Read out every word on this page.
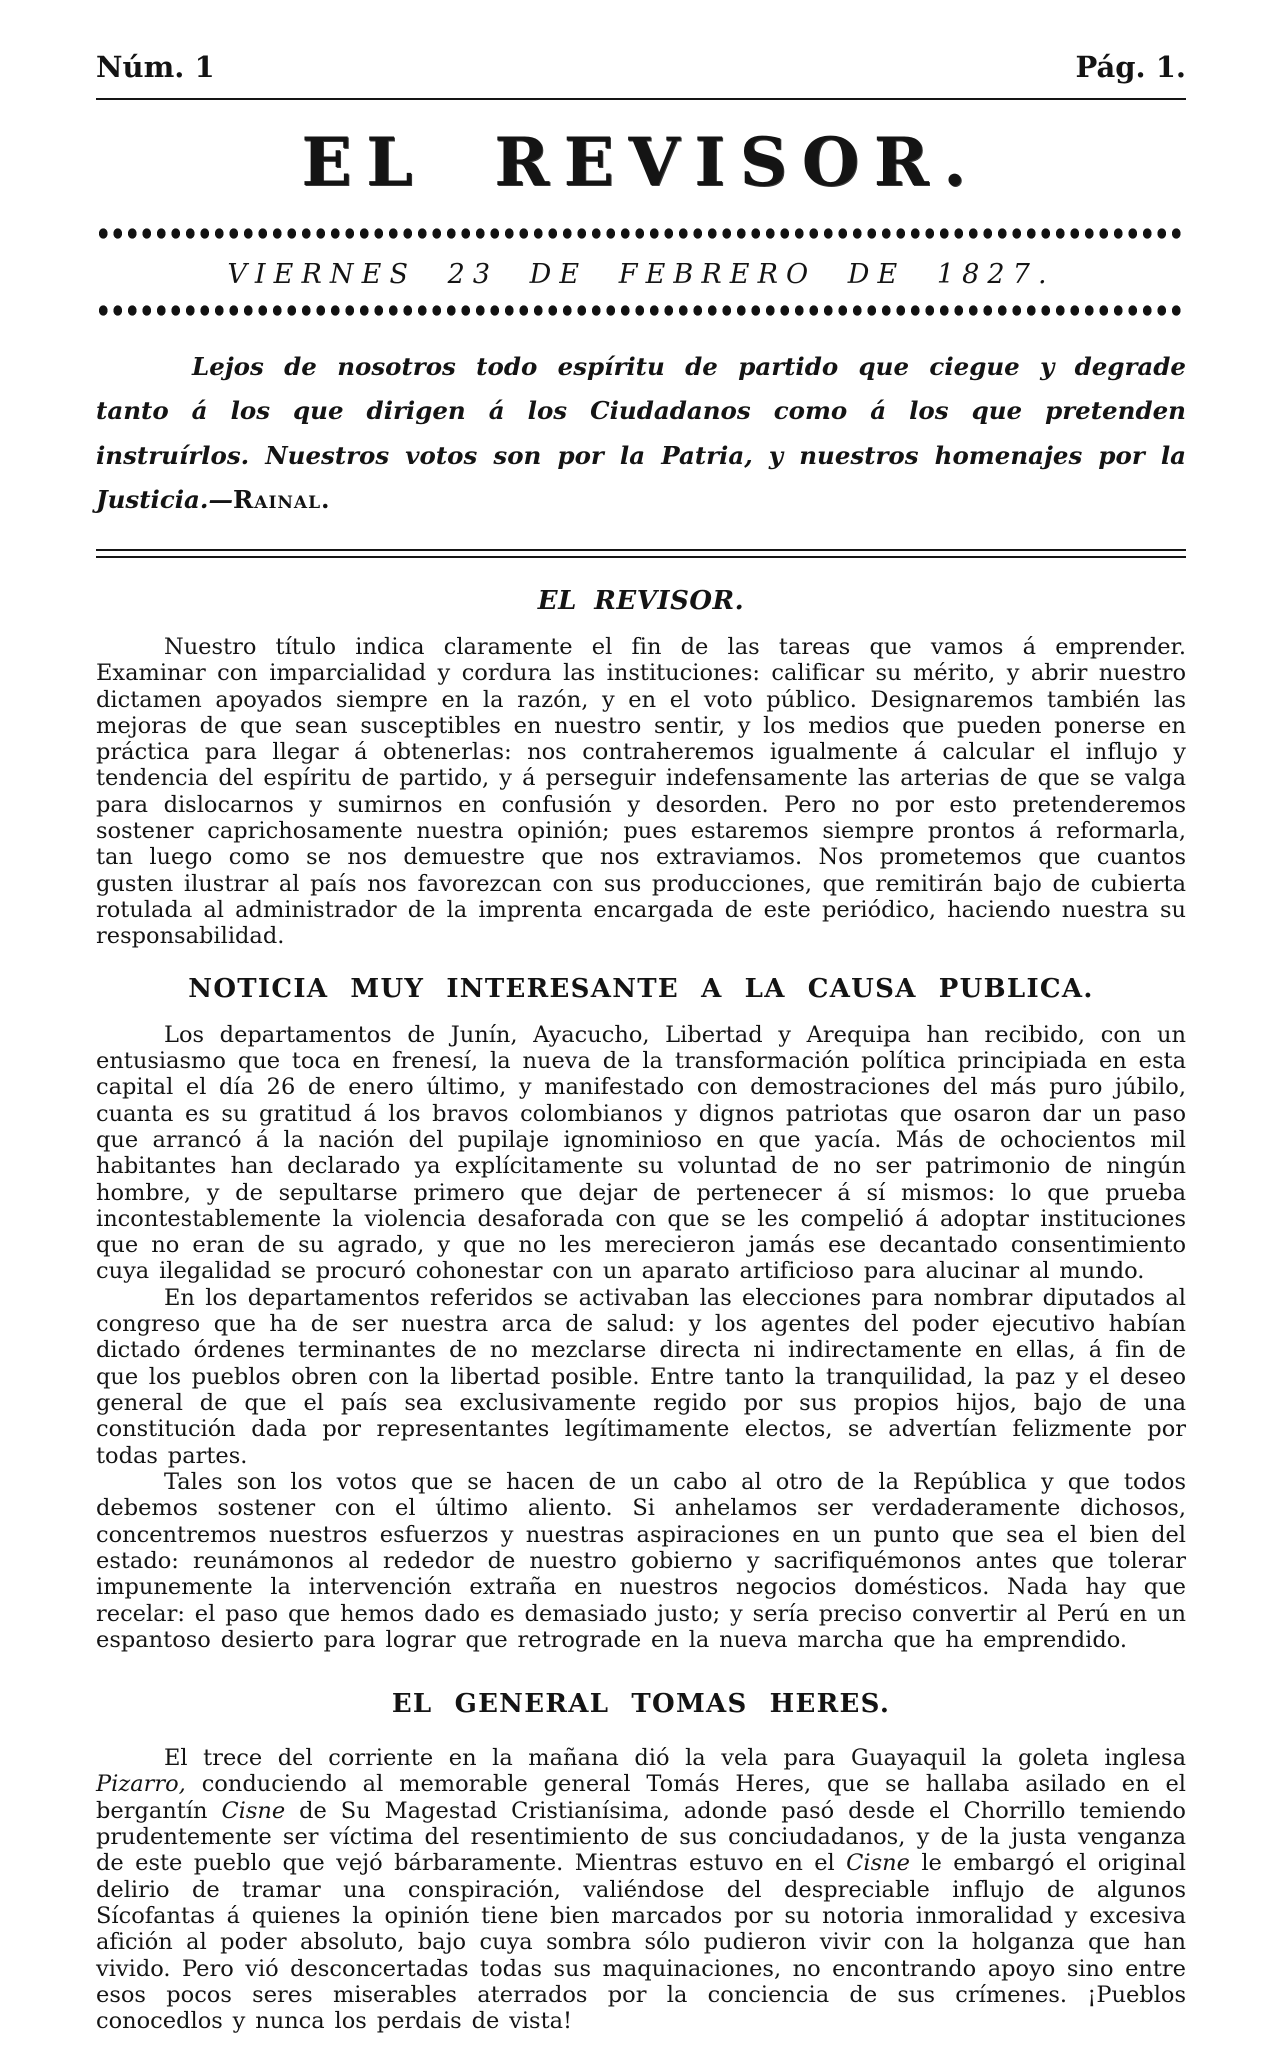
Núm. 1	Pág. 1.
EL REVISOR.
VIERNES 23 DE FEBRERO DE 1827.

Lejos de nosotros todo espíritu de partido que ciegue y degrade tanto á los que dirigen á los Ciudadanos como á los que pretenden instruírlos. Nuestros votos son por la Patria, y nuestros homenajes por la Justicia.—Rainal.

EL REVISOR.

Nuestro título indica claramente el fin de las tareas que vamos á emprender. Examinar con imparcialidad y cordura las instituciones: calificar su mérito, y abrir nuestro dictamen apoyados siempre en la razón, y en el voto público. Designaremos también las mejoras de que sean susceptibles en nuestro sentir, y los medios que pueden ponerse en práctica para llegar á obtenerlas: nos contraheremos igualmente á calcular el influjo y tendencia del espíritu de partido, y á perseguir indefensamente las arterias de que se valga para dislocarnos y sumirnos en confusión y desorden. Pero no por esto pretenderemos sostener caprichosamente nuestra opinión; pues estaremos siempre prontos á reformarla, tan luego como se nos demuestre que nos extraviamos. Nos prometemos que cuantos gusten ilustrar al país nos favorezcan con sus producciones, que remitirán bajo de cubierta rotulada al administrador de la imprenta encargada de este periódico, haciendo nuestra su responsabilidad.

NOTICIA MUY INTERESANTE A LA CAUSA PUBLICA.

Los departamentos de Junín, Ayacucho, Libertad y Arequipa han recibido, con un entusiasmo que toca en frenesí, la nueva de la transformación política principiada en esta capital el día 26 de enero último, y manifestado con demostraciones del más puro júbilo, cuanta es su gratitud á los bravos colombianos y dignos patriotas que osaron dar un paso que arrancó á la nación del pupilaje ignominioso en que yacía. Más de ochocientos mil habitantes han declarado ya explícitamente su voluntad de no ser patrimonio de ningún hombre, y de sepultarse primero que dejar de pertenecer á sí mismos: lo que prueba incontestablemente la violencia desaforada con que se les compelió á adoptar instituciones que no eran de su agrado, y que no les merecieron jamás ese decantado consentimiento cuya ilegalidad se procuró cohonestar con un aparato artificioso para alucinar al mundo.

En los departamentos referidos se activaban las elecciones para nombrar diputados al congreso que ha de ser nuestra arca de salud: y los agentes del poder ejecutivo habían dictado órdenes terminantes de no mezclarse directa ni indirectamente en ellas, á fin de que los pueblos obren con la libertad posible. Entre tanto la tranquilidad, la paz y el deseo general de que el país sea exclusivamente regido por sus propios hijos, bajo de una constitución dada por representantes legítimamente electos, se advertían felizmente por todas partes.

Tales son los votos que se hacen de un cabo al otro de la República y que todos debemos sostener con el último aliento. Si anhelamos ser verdaderamente dichosos, concentremos nuestros esfuerzos y nuestras aspiraciones en un punto que sea el bien del estado: reunámonos al rededor de nuestro gobierno y sacrifiquémonos antes que tolerar impunemente la intervención extraña en nuestros negocios domésticos. Nada hay que recelar: el paso que hemos dado es demasiado justo; y sería preciso convertir al Perú en un espantoso desierto para lograr que retrograde en la nueva marcha que ha emprendido.

EL GENERAL TOMAS HERES.

El trece del corriente en la mañana dió la vela para Guayaquil la goleta inglesa Pizarro, conduciendo al memorable general Tomás Heres, que se hallaba asilado en el bergantín Cisne de Su Magestad Cristianísima, adonde pasó desde el Chorrillo temiendo prudentemente ser víctima del resentimiento de sus conciudadanos, y de la justa venganza de este pueblo que vejó bárbaramente. Mientras estuvo en el Cisne le embargó el original delirio de tramar una conspiración, valiéndose del despreciable influjo de algunos Sícofantas á quienes la opinión tiene bien marcados por su notoria inmoralidad y excesiva afición al poder absoluto, bajo cuya sombra sólo pudieron vivir con la holganza que han vivido. Pero vió desconcertadas todas sus maquinaciones, no encontrando apoyo sino entre esos pocos seres miserables aterrados por la conciencia de sus crímenes. ¡Pueblos conocedlos y nunca los perdais de vista!
